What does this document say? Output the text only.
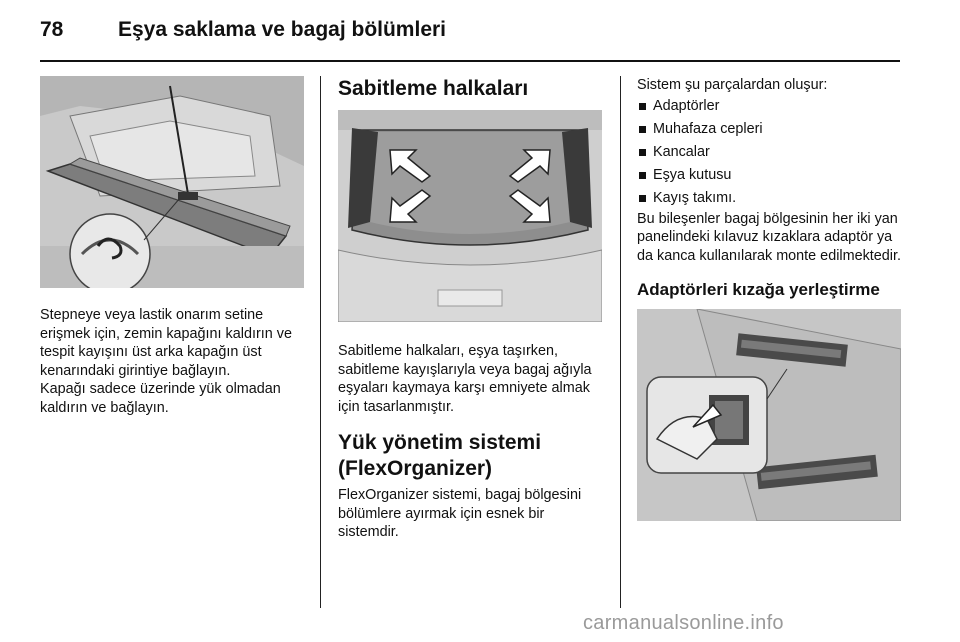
78	Eşya saklama ve bagaj bölümleri

Stepneye veya lastik onarım setine erişmek için, zemin kapağını kaldırın ve tespit kayışını üst arka kapağın üst kenarındaki girintiye bağlayın.

Kapağı sadece üzerinde yük olmadan kaldırın ve bağlayın.

Sabitleme halkaları

Sabitleme halkaları, eşya taşırken, sabitleme kayışlarıyla veya bagaj ağıyla eşyaları kaymaya karşı emniyete almak için tasarlanmıştır.

Yük yönetim sistemi (FlexOrganizer)

FlexOrganizer sistemi, bagaj bölgesini bölümlere ayırmak için esnek bir sistemdir.

Sistem şu parçalardan oluşur:

Adaptörler
Muhafaza cepleri
Kancalar
Eşya kutusu
Kayış takımı.

Bu bileşenler bagaj bölgesinin her iki yan panelindeki kılavuz kızaklara adaptör ya da kanca kullanılarak monte edilmektedir.

Adaptörleri kızağa yerleştirme
carmanualsonline.info
